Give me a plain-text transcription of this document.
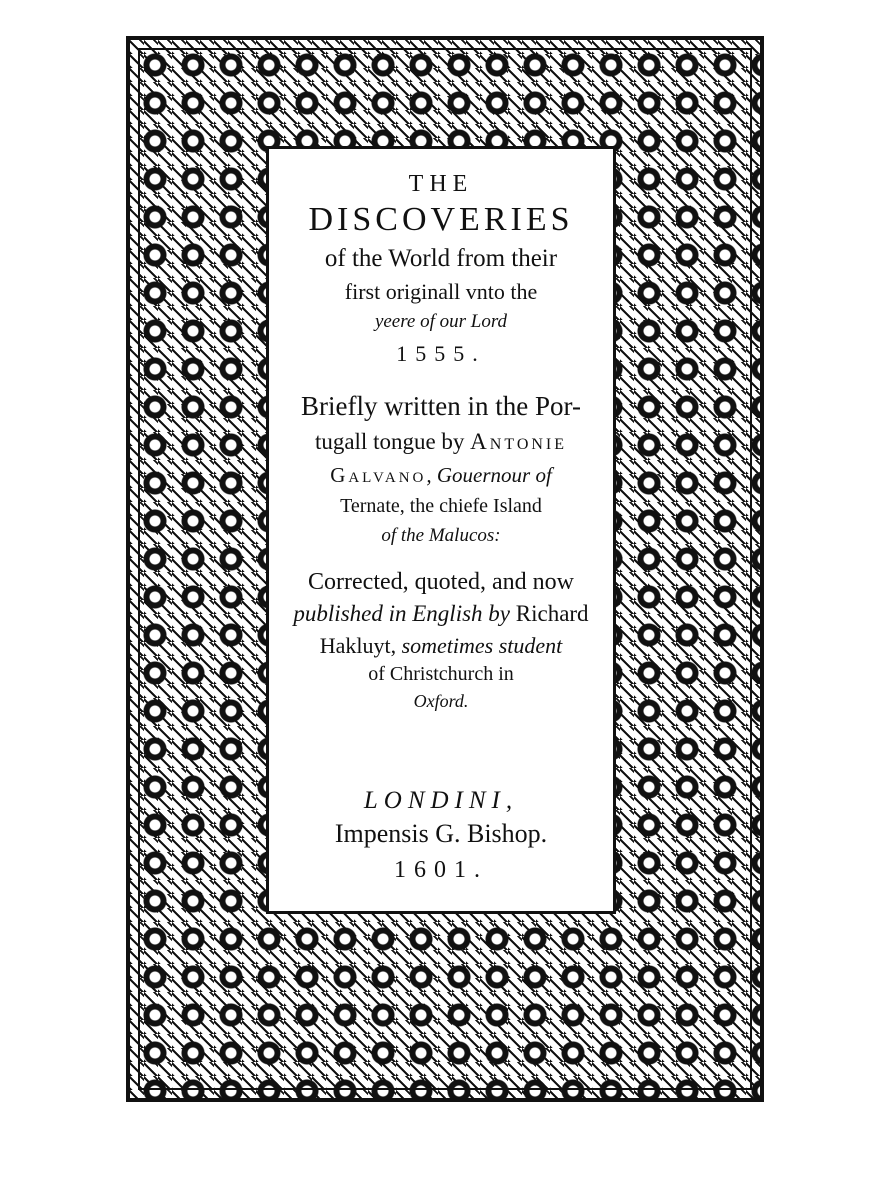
THE
DISCOVERIES
of the World from their
first originall vnto the
yeere of our Lord
1555.
Briefly written in the Por-
tugall tongue by Antonie
Galvano, Gouernour of
Ternate, the chiefe Island
of the Malucos:
Corrected, quoted, and now
published in English by Richard
Hakluyt, sometimes student
of Christchurch in
Oxford.
LONDINI,
Impensis G. Bishop.
1601.
